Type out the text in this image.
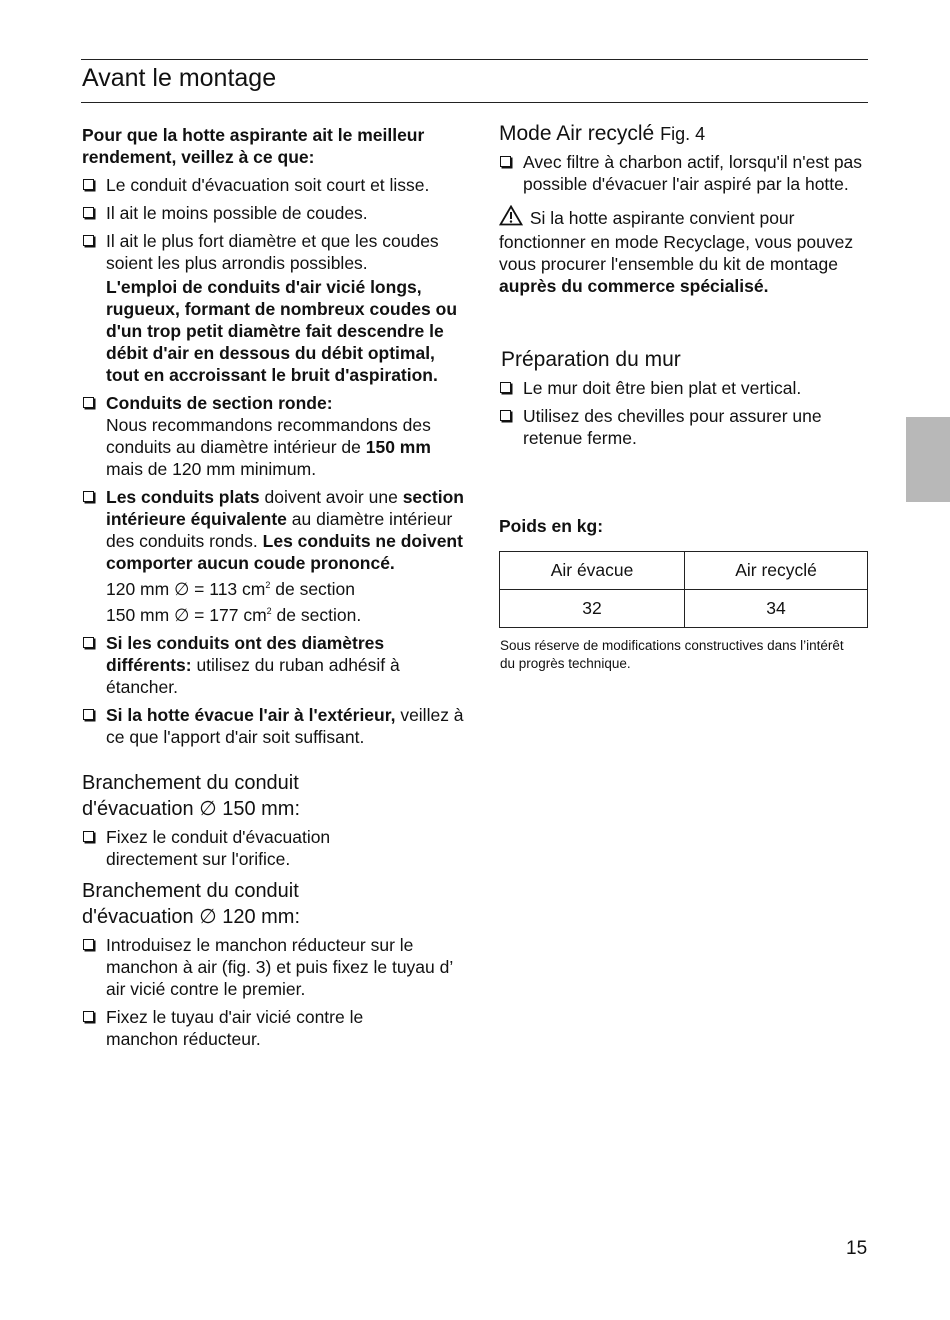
Avant le montage

Pour que la hotte aspirante ait le meilleur rendement, veillez à ce que:

Le conduit d'évacuation soit court et lisse.
Il ait le moins possible de coudes.
Il ait le plus fort diamètre et que les coudes soient les plus arrondis possibles.

L'emploi de conduits d'air vicié longs, rugueux, formant de nombreux coudes ou d'un trop petit diamètre fait descendre le débit d'air en dessous du débit optimal, tout en accroissant le bruit d'aspiration.

Conduits de section ronde:
Nous recommandons recommandons des conduits au diamètre intérieur de 150 mm mais de 120 mm minimum.
Les conduits plats doivent avoir une section intérieure équivalente au diamètre intérieur des conduits ronds. Les conduits ne doivent comporter aucun coude prononcé.
120 mm ∅ = 113 $cm^2$ de section
150 mm ∅ = 177 $cm^2$ de section.
Si les conduits ont des diamètres différents: utilisez du ruban adhésif à étancher.
Si la hotte évacue l'air à l'extérieur, veillez à ce que l'apport d'air soit suffisant.
Branchement du conduit d'évacuation ∅ 150 mm:
Fixez le conduit d'évacuation directement sur l'orifice.
Branchement du conduit d'évacuation ∅ 120 mm:
Introduisez le manchon réducteur sur le manchon à air (fig. 3) et puis fixez le tuyau d’ air vicié contre le premier.
Fixez le tuyau d'air vicié contre le manchon réducteur.
Mode Air recyclé Fig. 4
Avec filtre à charbon actif, lorsqu'il n'est pas possible d'évacuer l'air aspiré par la hotte.

Si la hotte aspirante convient pour fonctionner en mode Recyclage, vous pouvez vous procurer l'ensemble du kit de montage auprès du commerce spécialisé.

Préparation du mur
Le mur doit être bien plat et vertical.
Utilisez des chevilles pour assurer une retenue ferme.
Poids en kg:
Air évacue	Air recyclé
32	34
Sous réserve de modifications constructives dans l’intérêt du progrès technique.
15
